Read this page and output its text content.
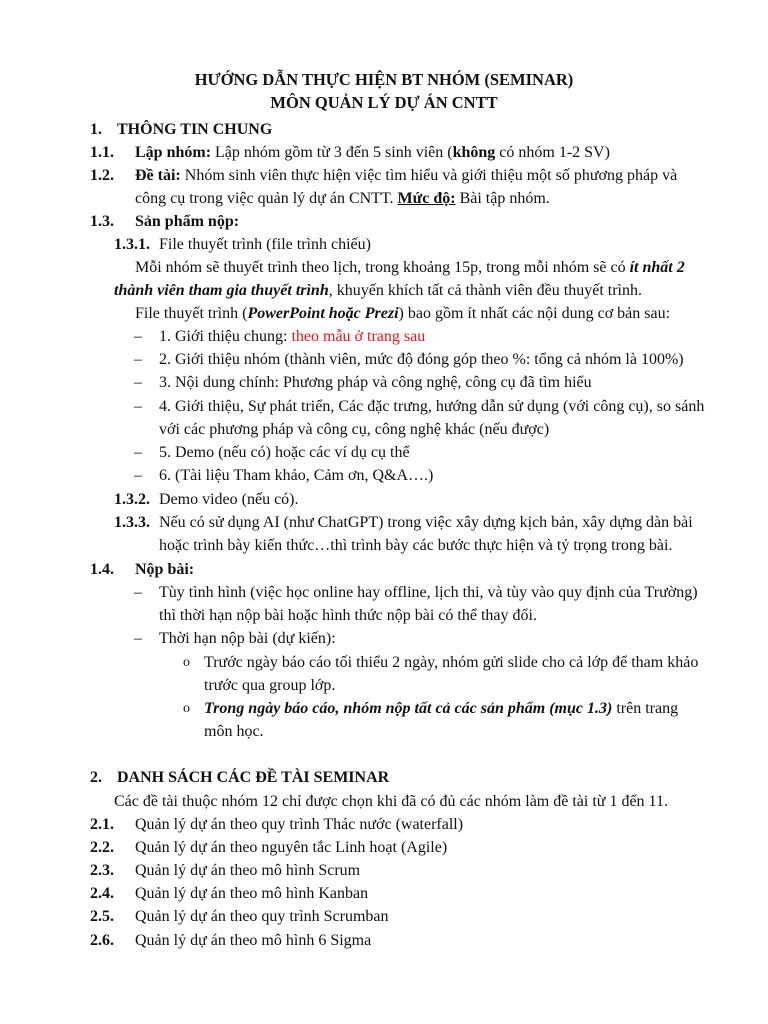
HƯỚNG DẪN THỰC HIỆN BT NHÓM (SEMINAR)
MÔN QUẢN LÝ DỰ ÁN CNTT
1. THÔNG TIN CHUNG
1.1. Lập nhóm: Lập nhóm gồm từ 3 đến 5 sinh viên (không có nhóm 1-2 SV)
1.2. Đề tài: Nhóm sinh viên thực hiện việc tìm hiểu và giới thiệu một số phương pháp và
công cụ trong việc quản lý dự án CNTT. Mức độ: Bài tập nhóm.
1.3. Sản phẩm nộp:
1.3.1. File thuyết trình (file trình chiếu)
Mỗi nhóm sẽ thuyết trình theo lịch, trong khoảng 15p, trong mỗi nhóm sẽ có ít nhất 2
thành viên tham gia thuyết trình, khuyến khích tất cả thành viên đều thuyết trình.
File thuyết trình (PowerPoint hoặc Prezi) bao gồm ít nhất các nội dung cơ bản sau:
– 1. Giới thiệu chung: theo mẫu ở trang sau
– 2. Giới thiệu nhóm (thành viên, mức độ đóng góp theo %: tổng cả nhóm là 100%)
– 3. Nội dung chính: Phương pháp và công nghệ, công cụ đã tìm hiểu
– 4. Giới thiệu, Sự phát triển, Các đặc trưng, hướng dẫn sử dụng (với công cụ), so sánh
với các phương pháp và công cụ, công nghệ khác (nếu được)
– 5. Demo (nếu có) hoặc các ví dụ cụ thể
– 6. (Tài liệu Tham khảo, Cảm ơn, Q&A….)
1.3.2. Demo video (nếu có).
1.3.3. Nếu có sử dụng AI (như ChatGPT) trong việc xây dựng kịch bản, xây dựng dàn bài
hoặc trình bày kiến thức…thì trình bày các bước thực hiện và tỷ trọng trong bài.
1.4. Nộp bài:
– Tùy tình hình (việc học online hay offline, lịch thi, và tùy vào quy định của Trường)
thì thời hạn nộp bài hoặc hình thức nộp bài có thể thay đổi.
– Thời hạn nộp bài (dự kiến):
o Trước ngày báo cáo tối thiểu 2 ngày, nhóm gửi slide cho cả lớp để tham khảo
trước qua group lớp.
o Trong ngày báo cáo, nhóm nộp tất cả các sản phẩm (mục 1.3) trên trang
môn học.
2. DANH SÁCH CÁC ĐỀ TÀI SEMINAR
Các đề tài thuộc nhóm 12 chỉ được chọn khi đã có đủ các nhóm làm đề tài từ 1 đến 11.
2.1. Quản lý dự án theo quy trình Thác nước (waterfall)
2.2. Quản lý dự án theo nguyên tắc Linh hoạt (Agile)
2.3. Quản lý dự án theo mô hình Scrum
2.4. Quản lý dự án theo mô hình Kanban
2.5. Quản lý dự án theo quy trình Scrumban
2.6. Quản lý dự án theo mô hình 6 Sigma
